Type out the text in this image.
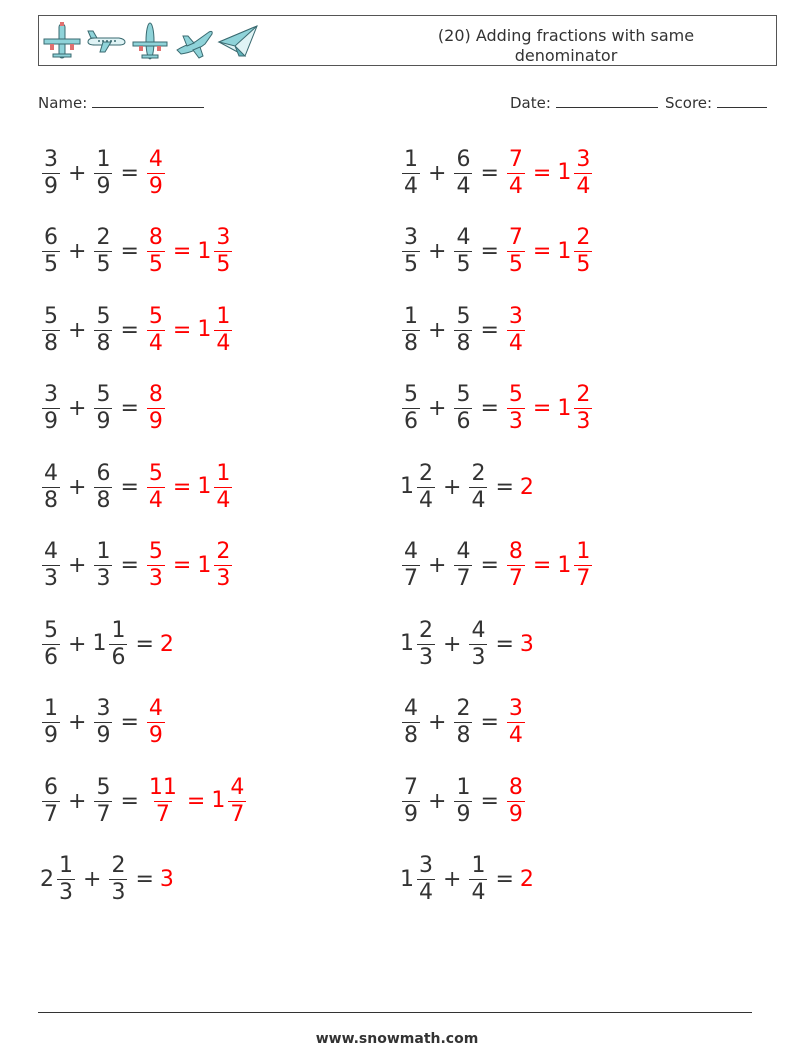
(20) Adding fractions with same denominator
Name:	Date:	Score:
$\frac{3}{9} + \frac{1}{9} = \frac{4}{9}$	$\frac{1}{4} + \frac{6}{4} = \frac{7}{4} = 1 \frac{3}{4}$
$\frac{6}{5} + \frac{2}{5} = \frac{8}{5} = 1 \frac{3}{5}$	$\frac{3}{5} + \frac{4}{5} = \frac{7}{5} = 1 \frac{2}{5}$
$\frac{5}{8} + \frac{5}{8} = \frac{5}{4} = 1 \frac{1}{4}$	$\frac{1}{8} + \frac{5}{8} = \frac{3}{4}$
$\frac{3}{9} + \frac{5}{9} = \frac{8}{9}$	$\frac{5}{6} + \frac{5}{6} = \frac{5}{3} = 1 \frac{2}{3}$
$\frac{4}{8} + \frac{6}{8} = \frac{5}{4} = 1 \frac{1}{4}$	$1 \frac{2}{4} + \frac{2}{4} = 2$
$\frac{4}{3} + \frac{1}{3} = \frac{5}{3} = 1 \frac{2}{3}$	$\frac{4}{7} + \frac{4}{7} = \frac{8}{7} = 1 \frac{1}{7}$
$\frac{5}{6} + 1 \frac{1}{6} = 2$	$1 \frac{2}{3} + \frac{4}{3} = 3$
$\frac{1}{9} + \frac{3}{9} = \frac{4}{9}$	$\frac{4}{8} + \frac{2}{8} = \frac{3}{4}$
$\frac{6}{7} + \frac{5}{7} = \frac{11}{7} = 1 \frac{4}{7}$	$\frac{7}{9} + \frac{1}{9} = \frac{8}{9}$
$2 \frac{1}{3} + \frac{2}{3} = 3$	$1 \frac{3}{4} + \frac{1}{4} = 2$
www.snowmath.com
